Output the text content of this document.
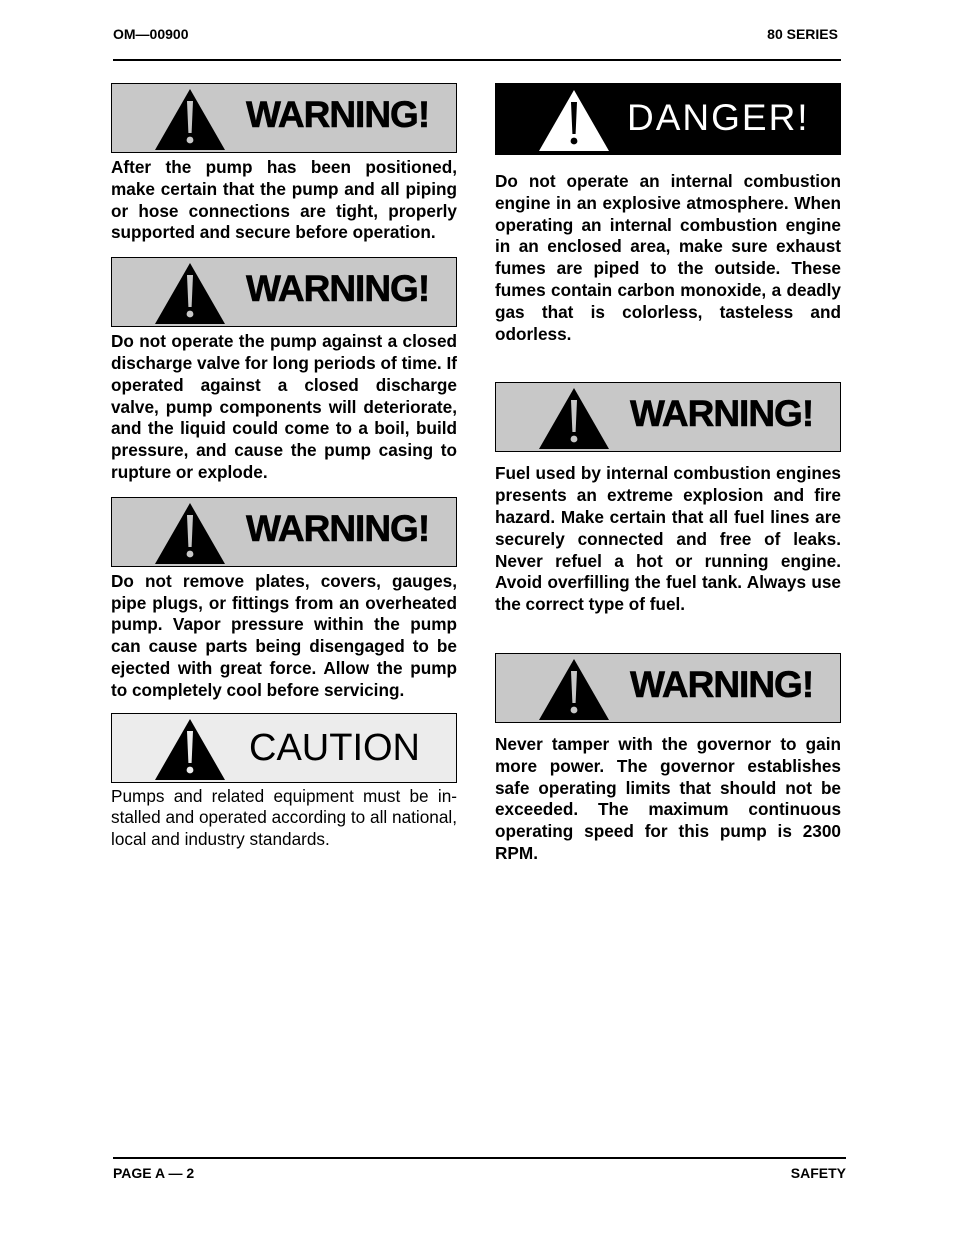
OM—00900	80 SERIES
WARNING!

After the pump has been positioned, make certain that the pump and all piping or hose connections are tight, properly supported and secure before operation.

WARNING!

Do not operate the pump against a closed discharge valve for long periods of time. If operated against a closed discharge valve, pump components will deteriorate, and the liquid could come to a boil, build pressure, and cause the pump casing to rupture or explode.

WARNING!

Do not remove plates, covers, gauges, pipe plugs, or fittings from an overheated pump. Vapor pressure within the pump can cause parts being disengaged to be ejected with great force. Allow the pump to completely cool before servicing.

CAUTION

Pumps and related equipment must be installed and operated according to all national, local and industry standards.

DANGER!

Do not operate an internal combustion engine in an explosive atmosphere. When operating an internal combustion engine in an enclosed area, make sure exhaust fumes are piped to the outside. These fumes contain carbon monoxide, a deadly gas that is colorless, tasteless and odorless.

WARNING!

Fuel used by internal combustion engines presents an extreme explosion and fire hazard. Make certain that all fuel lines are securely connected and free of leaks. Never refuel a hot or running engine. Avoid overfilling the fuel tank. Always use the correct type of fuel.

WARNING!

Never tamper with the governor to gain more power. The governor establishes safe operating limits that should not be exceeded. The maximum continuous operating speed for this pump is 2300 RPM.

PAGE A — 2	SAFETY
